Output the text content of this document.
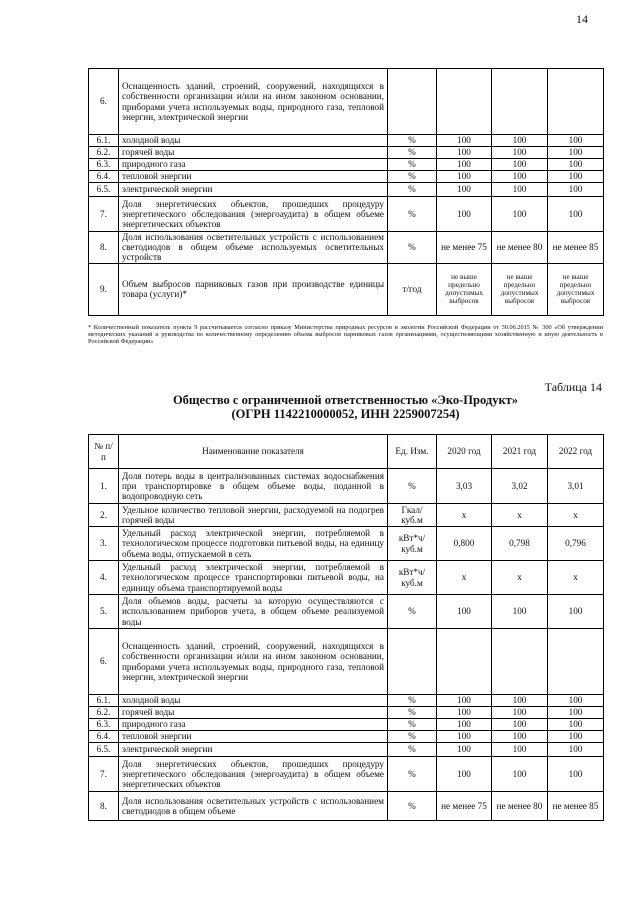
14
6.	Оснащенность зданий, строений, сооружений, находящихся в собственности организации и/или на ином законном основании, приборами учета используемых воды, природного газа, тепловой энергии, электрической энергии				
6.1.	холодной воды	%	100	100	100
6.2.	горячей воды	%	100	100	100
6.3.	природного газа	%	100	100	100
6.4.	тепловой энергии	%	100	100	100
6.5.	электрической энергии	%	100	100	100
7.	Доля энергетических объектов, прошедших процедуру энергетического обследования (энергоаудита) в общем объеме энергетических объектов	%	100	100	100
8.	Доля использования осветительных устройств с использованием светодиодов в общем объеме используемых осветительных устройств	%	не менее 75	не менее 80	не менее 85
9.	Объем выбросов парниковых газов при производстве единицы товара (услуги)*	т/год	не выше предельно допустимых выбросов	не выше предельно допустимых выбросов	не выше предельно допустимых выбросов
* Количественный показатель пункта 9 рассчитывается согласно приказу Министерства природных ресурсов и экологии Российской Федерации от 30.06.2015 № 300 «Об утверждении методических указаний и руководства по количественному определению объема выбросов парниковых газов организациями, осуществляющими хозяйственную и иную деятельность в Российской Федерации»
Таблица 14
Общество с ограниченной ответственностью «Эко-Продукт»
(ОГРН 1142210000052, ИНН 2259007254)
№ п/п	Наименование показателя	Ед. Изм.	2020 год	2021 год	2022 год
1.	Доля потерь воды в централизованных системах водоснабжения при транспортировке в общем объеме воды, поданной в водопроводную сеть	%	3,03	3,02	3,01
2.	Удельное количество тепловой энергии, расходуемой на подогрев горячей воды	Гкал/ куб.м	x	x	x
3.	Удельный расход электрической энергии, потребляемой в технологическом процессе подготовки питьевой воды, на единицу объема воды, отпускаемой в сеть	кВт*ч/ куб.м	0,800	0,798	0,796
4.	Удельный расход электрической энергии, потребляемой в технологическом процессе транспортировки питьевой воды, на единицу объема транспортируемой воды	кВт*ч/ куб.м	x	x	x
5.	Доля объемов воды, расчеты за которую осуществляются с использованием приборов учета, в общем объеме реализуемой воды	%	100	100	100
6.	Оснащенность зданий, строений, сооружений, находящихся в собственности организации и/или на ином законном основании, приборами учета используемых воды, природного газа, тепловой энергии, электрической энергии				
6.1.	холодной воды	%	100	100	100
6.2.	горячей воды	%	100	100	100
6.3.	природного газа	%	100	100	100
6.4.	тепловой энергии	%	100	100	100
6.5.	электрической энергии	%	100	100	100
7.	Доля энергетических объектов, прошедших процедуру энергетического обследования (энергоаудита) в общем объеме энергетических объектов	%	100	100	100
8.	Доля использования осветительных устройств с использованием светодиодов в общем объеме	%	не менее 75	не менее 80	не менее 85
